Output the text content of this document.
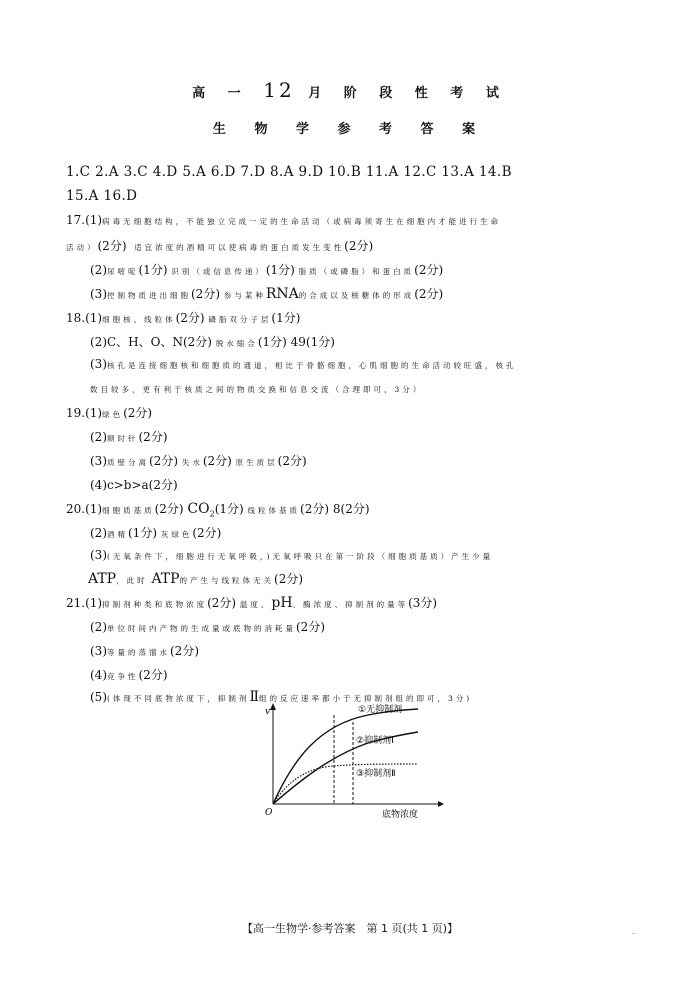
高 一 12 月 阶 段 性 考 试
生 物 学 参 考 答 案
1.C 2.A 3.C 4.D 5.A 6.D 7.D 8.A 9.D 10.B 11.A 12.C 13.A 14.B
15.A 16.D
17.(1)病毒无细胞结构，不能独立完成一定的生命活动（或病毒须寄生在细胞内才能进行生命
活动）(2分) 适宜浓度的酒精可以使病毒的蛋白质发生变性(2分)
(2)尿嘧啶(1分) 识别（或信息传递）(1分) 脂质（或磷脂）和蛋白质(2分)
(3)控制物质进出细胞(2分) 参与某种RNA的合成以及核糖体的形成(2分)
18.(1)细胞核、线粒体(2分) 磷脂双分子层(1分)
(2)C、H、O、N(2分) 脱水缩合(1分) 49(1分)
(3)核孔是连接细胞核和细胞质的通道，相比于骨骼细胞，心肌细胞的生命活动较旺盛，核孔
数目较多，更有利于核质之间的物质交换和信息交流（合理即可，3分）
19.(1)绿色(2分)
(2)顺时针(2分)
(3)质壁分离(2分) 失水(2分) 原生质层(2分)
(4)c>b>a(2分)
20.(1)细胞质基质(2分) $CO_2(1$分) 线粒体基质(2分) 8(2分)
(2)酒精(1分) 灰绿色(2分)
(3)(无氧条件下，细胞进行无氧呼吸，)无氧呼吸只在第一阶段（细胞质基质）产生少量
ATP，此时 ATP的产生与线粒体无关(2分)
21.(1)抑制剂种类和底物浓度(2分) 温度、pH、酶浓度、抑制剂的量等(3分)
(2)单位时间内产物的生成量或底物的消耗量(2分)
(3)等量的蒸馏水(2分)
(4)竞争性(2分)
(5)(体现不同底物浓度下，抑制剂Ⅱ组的反应速率都小于无抑制剂组的即可，3分)
v
O	底物浓度
①无抑制剂
②抑制剂Ⅰ
③抑制剂Ⅱ
【高一生物学·参考答案　第 1 页(共 1 页)】	..
